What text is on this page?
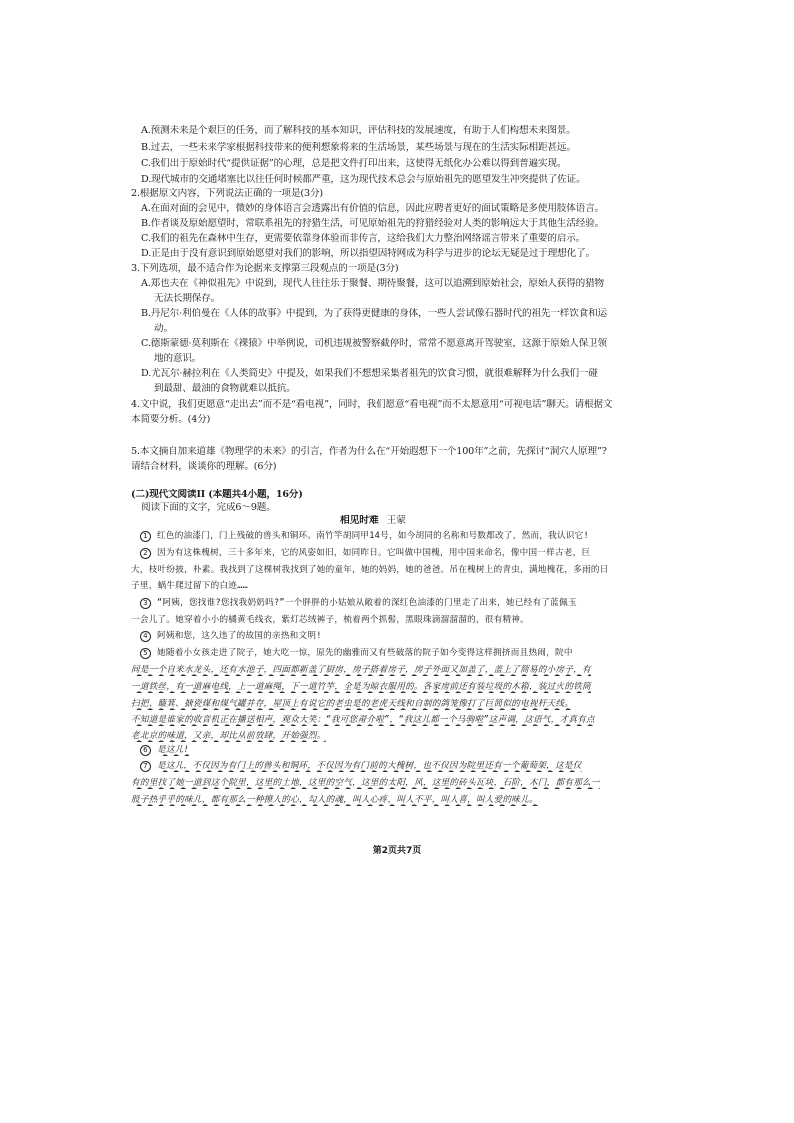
A.预测未来是个艰巨的任务，而了解科技的基本知识，评估科技的发展速度，有助于人们构想未来图景。
B.过去，一些未来学家根据科技带来的便利想象将来的生活场景，某些场景与现在的生活实际相距甚远。
C.我们出于原始时代“提供证据”的心理，总是把文件打印出来，这使得无纸化办公难以得到普遍实现。
D.现代城市的交通堵塞比以往任何时候都严重，这为现代技术总会与原始祖先的愿望发生冲突提供了佐证。
2.根据原文内容，下列说法正确的一项是(3分)
A.在面对面的会见中，微妙的身体语言会透露出有价值的信息，因此应聘者更好的面试策略是多使用肢体语言。
B.作者谈及原始愿望时，常联系祖先的狩猎生活，可见原始祖先的狩猎经验对人类的影响远大于其他生活经验。
C.我们的祖先在森林中生存，更需要依靠身体验而非传言，这给我们大力整治网络谣言带来了重要的启示。
D.正是由于没有意识到原始愿望对我们的影响，所以指望因特网成为科学与进步的论坛无疑是过于理想化了。
3.下列选项，最不适合作为论据来支撑第三段观点的一项是(3分)
A.郑也夫在《神似祖先》中说到，现代人往往乐于聚餐、期待聚餐，这可以追溯到原始社会，原始人获得的猎物
无法长期保存。
B.丹尼尔·利伯曼在《人体的故事》中提到，为了获得更健康的身体，一些人尝试像石器时代的祖先一样饮食和运
动。
C.德斯蒙德·莫利斯在《裸猿》中举例说，司机违规被警察截停时，常常不愿意离开驾驶室，这源于原始人保卫领
地的意识。
D.尤瓦尔·赫拉利在《人类简史》中提及，如果我们不想想采集者祖先的饮食习惯，就很难解释为什么我们一碰
到最甜、最油的食物就难以抵抗。
4.文中说，我们更愿意“走出去”而不是“看电视”，同时，我们愿意“看电视”而不太愿意用“可视电话”聊天。请根据文
本简要分析。(4分)
5.本文摘自加来道雄《物理学的未来》的引言，作者为什么在“开始遐想下一个100年”之前，先探讨“洞穴人原理”?
请结合材料，谈谈你的理解。(6分)
(二)现代文阅读II (本题共4小题，16分)
阅读下面的文字，完成6～9题。
相见时难 王蒙
1 红色的油漆门，门上残破的兽头和铜环。南竹竿胡同甲14号，如今胡同的名称和号数都改了，然而，我认识它!
2 因为有这株槐树，三十多年来，它的风姿如旧，如同昨日。它叫做中国槐，用中国来命名，像中国一样古老，巨
大，枝叶纷披，朴素。我找到了这棵树我找到了她的童年，她的妈妈，她的爸爸。吊在槐树上的青虫，满地槐花，多雨的日
子里，蜗牛爬过留下的白迹……
3 “阿姨，您找谁?您找我奶奶吗?”一个胖胖的小姑娘从敞着的深红色油漆的门里走了出来，她已经有了蓝佩玉
一会儿了。她穿着小小的橘黄毛线衣，紫灯芯绒裤子，梳着两个抓髻，黑眼珠滴溜溜溜的，很有精神。
4 阿姨和您，这久违了的故国的亲热和文明!
5 她随着小女孩走进了院子，她大吃一惊，原先的幽雅而又有些破落的院子如今变得这样拥挤而且热闹，院中
间是一个自来水龙头，还有水池子，四面都新盖了厨房，房子搭着房子，房子外面又加盖了，盖上了简易的小房子，有
一道铁丝，有一道麻电线，上一道麻绳，下一道竹竿，全是为晾衣服用的。各家房前还有装垃圾的木箱，装过火的铁筒
扫把、簸箕、搪瓷煤和煤气罐并存，屋顶上有说它的老虫是的老虎天线和自制的鸽笼像打了巨简似的电视杆天线。
不知道是谁家的收音机正在播送相声，观众大笑：“我可您甭介啦”，“我这儿都一个马驹啦”这声调，这语气，才真有点
老北京的味道，又亲，却比从前放肆，开始强烈。
6 是这儿!
7 是这儿，不仅因为有门上的兽头和铜环，不仅因为有门前的大槐树，也不仅因为院里还有一个葡萄架，这是仅
有的里找了她一道到这个院里，这里的土地，这里的空气，这里的太阳，风，这里的砖头瓦块，石阶，木门，都有那么一
股子热乎乎的味儿，都有那么一种撩人的心，勾人的魂，叫人心疼，叫人不平，叫人喜，叫人爱的味儿。
第2页共7页
